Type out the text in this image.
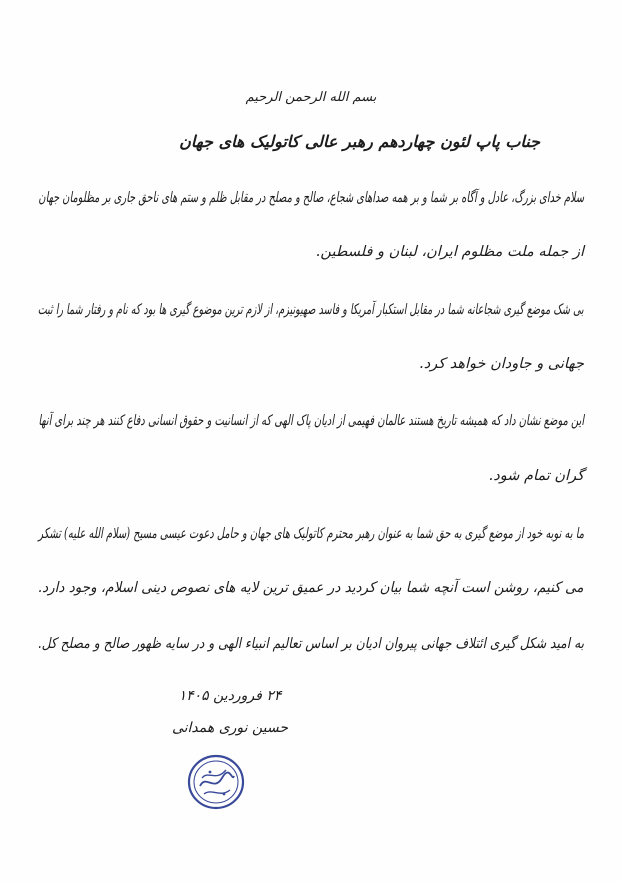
بسم الله الرحمن الرحیم
جناب پاپ لئون چهاردهم رهبر عالی کاتولیک های جهان
سلام خدای بزرگ، عادل و آگاه بر شما و بر همه صداهای شجاع، صالح و مصلح در مقابل ظلم و ستم های ناحق جاری بر مظلومان جهان
از جمله ملت مظلوم ایران، لبنان و فلسطین.
بی شک موضع گیری شجاعانه شما در مقابل استکبار آمریکا و فاسد صهیونیزم، از لازم ترین موضوع گیری ها بود که نام و رفتار شما را ثبت
جهانی و جاودان خواهد کرد.
این موضع نشان داد که همیشه تاریخ هستند عالمان فهیمی از ادیان پاک الهی که از انسانیت و حقوق انسانی دفاع کنند هر چند برای آنها
گران تمام شود.
ما به نوبه خود از موضع گیری به حق شما به عنوان رهبر محترم کاتولیک های جهان و حامل دعوت عیسی مسیح (سلام الله علیه) تشکر
می کنیم، روشن است آنچه شما بیان کردید در عمیق ترین لایه های نصوص دینی اسلام، وجود دارد.
به امید شکل گیری ائتلاف جهانی پیروان ادیان بر اساس تعالیم انبیاء الهی و در سایه ظهور صالح و مصلح کل.
۲۴ فروردین ۱۴۰۵
حسین نوری همدانی
